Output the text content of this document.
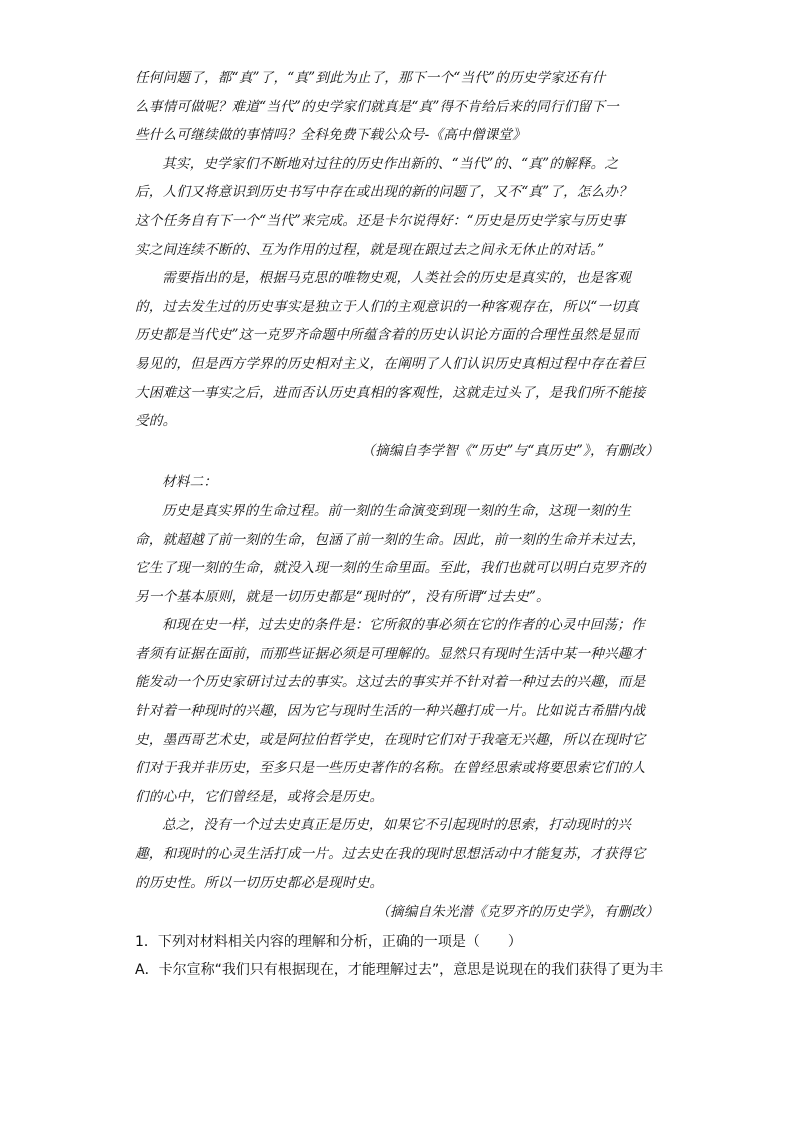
任何问题了，都“真”了，“真”到此为止了，那下一个“当代”的历史学家还有什
么事情可做呢？难道“当代”的史学家们就真是“真”得不肯给后来的同行们留下一
些什么可继续做的事情吗？全科免费下载公众号-《高中僧课堂》

其实，史学家们不断地对过往的历史作出新的、“当代”的、“真”的解释。之
后，人们又将意识到历史书写中存在或出现的新的问题了，又不“真”了，怎么办？
这个任务自有下一个“当代”来完成。还是卡尔说得好：“历史是历史学家与历史事
实之间连续不断的、互为作用的过程，就是现在跟过去之间永无休止的对话。”

需要指出的是，根据马克思的唯物史观，人类社会的历史是真实的，也是客观
的，过去发生过的历史事实是独立于人们的主观意识的一种客观存在，所以“一切真
历史都是当代史”这一克罗齐命题中所蕴含着的历史认识论方面的合理性虽然是显而
易见的，但是西方学界的历史相对主义，在阐明了人们认识历史真相过程中存在着巨
大困难这一事实之后，进而否认历史真相的客观性，这就走过头了，是我们所不能接
受的。

（摘编自李学智《“历史”与“真历史”》，有删改）

材料二：

历史是真实界的生命过程。前一刻的生命演变到现一刻的生命，这现一刻的生
命，就超越了前一刻的生命，包涵了前一刻的生命。因此，前一刻的生命并未过去，
它生了现一刻的生命，就没入现一刻的生命里面。至此，我们也就可以明白克罗齐的
另一个基本原则，就是一切历史都是“现时的”，没有所谓“过去史”。

和现在史一样，过去史的条件是：它所叙的事必须在它的作者的心灵中回荡；作
者须有证据在面前，而那些证据必须是可理解的。显然只有现时生活中某一种兴趣才
能发动一个历史家研讨过去的事实。这过去的事实并不针对着一种过去的兴趣，而是
针对着一种现时的兴趣，因为它与现时生活的一种兴趣打成一片。比如说古希腊内战
史，墨西哥艺术史，或是阿拉伯哲学史，在现时它们对于我毫无兴趣，所以在现时它
们对于我并非历史，至多只是一些历史著作的名称。在曾经思索或将要思索它们的人
们的心中，它们曾经是，或将会是历史。

总之，没有一个过去史真正是历史，如果它不引起现时的思索，打动现时的兴
趣，和现时的心灵生活打成一片。过去史在我的现时思想活动中才能复苏，才获得它
的历史性。所以一切历史都必是现时史。

（摘编自朱光潜《克罗齐的历史学》，有删改）

1．下列对材料相关内容的理解和分析，正确的一项是（　　）

A．卡尔宣称“我们只有根据现在，才能理解过去”，意思是说现在的我们获得了更为丰
